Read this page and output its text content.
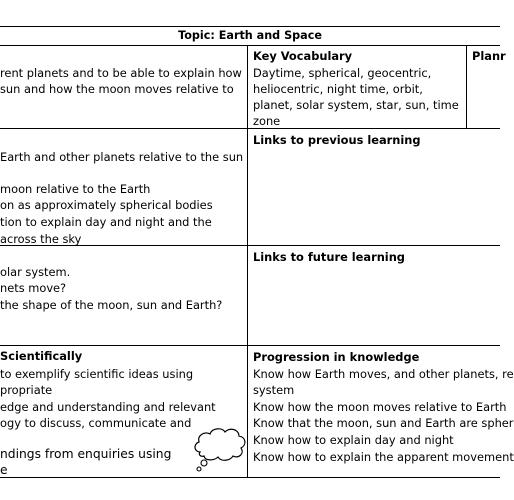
Topic: Earth and Space
rent planets and to be able to explain how
sun and how the moon moves relative to
Key Vocabulary
Daytime, spherical, geocentric,
heliocentric, night time, orbit,
planet, solar system, star, sun, time
zone
Planr
Earth and other planets relative to the sun
moon relative to the Earth
on as approximately spherical bodies
tion to explain day and night and the
across the sky
Links to previous learning
olar system.
nets move?
the shape of the moon, sun and Earth?
Links to future learning
Scientifically
to exemplify scientific ideas using
propriate
edge and understanding and relevant
ogy to discuss, communicate and
ndings from enquiries using
e
Progression in knowledge
Know how Earth moves, and other planets, re
system
Know how the moon moves relative to Earth
Know that the moon, sun and Earth are spher
Know how to explain day and night
Know how to explain the apparent movement
